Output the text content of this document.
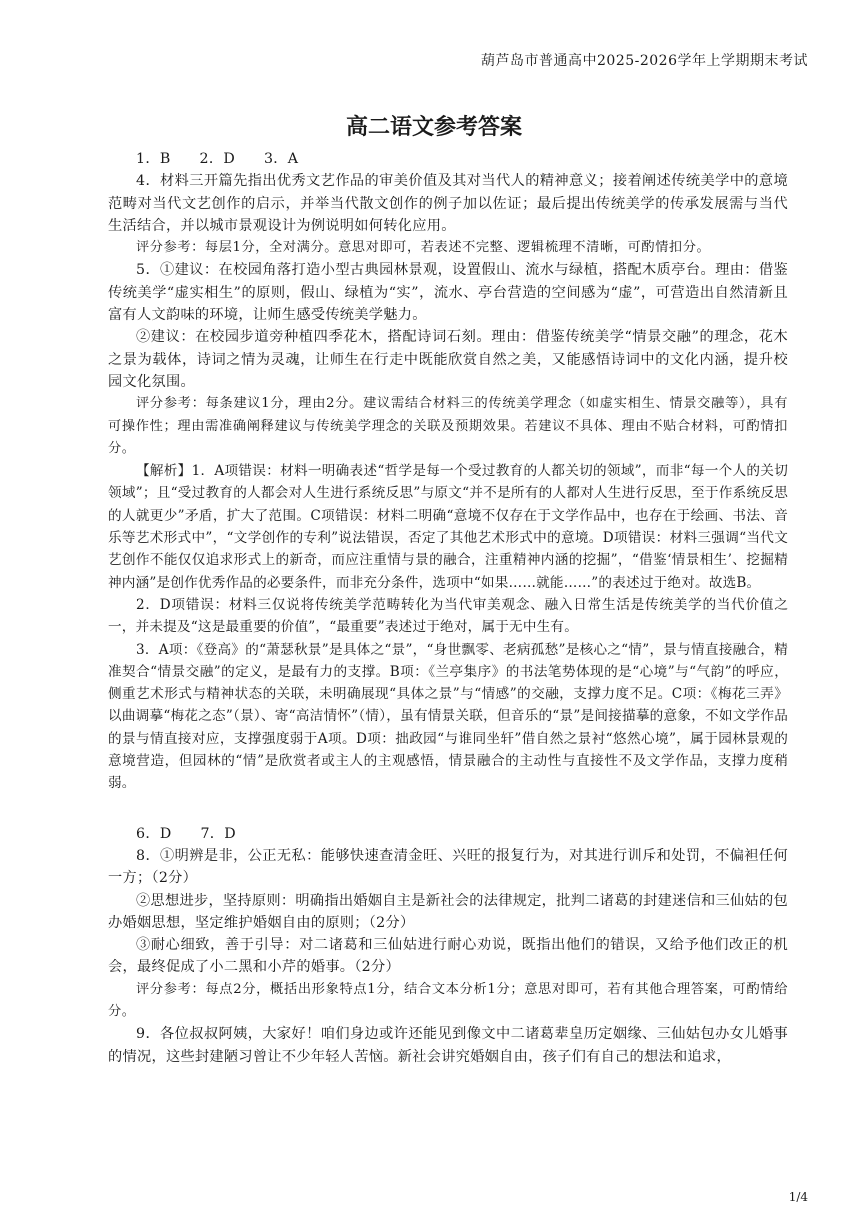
葫芦岛市普通高中2025-2026学年上学期期末考试
高二语文参考答案

1．B　　2．D　　3．A

4．材料三开篇先指出优秀文艺作品的审美价值及其对当代人的精神意义；接着阐述传统美学中的意境范畴对当代文艺创作的启示，并举当代散文创作的例子加以佐证；最后提出传统美学的传承发展需与当代生活结合，并以城市景观设计为例说明如何转化应用。

评分参考：每层1分，全对满分。意思对即可，若表述不完整、逻辑梳理不清晰，可酌情扣分。

5．①建议：在校园角落打造小型古典园林景观，设置假山、流水与绿植，搭配木质亭台。理由：借鉴传统美学“虚实相生”的原则，假山、绿植为“实”，流水、亭台营造的空间感为“虚”，可营造出自然清新且富有人文韵味的环境，让师生感受传统美学魅力。

②建议：在校园步道旁种植四季花木，搭配诗词石刻。理由：借鉴传统美学“情景交融”的理念，花木之景为载体，诗词之情为灵魂，让师生在行走中既能欣赏自然之美，又能感悟诗词中的文化内涵，提升校园文化氛围。

评分参考：每条建议1分，理由2分。建议需结合材料三的传统美学理念（如虚实相生、情景交融等），具有可操作性；理由需准确阐释建议与传统美学理念的关联及预期效果。若建议不具体、理由不贴合材料，可酌情扣分。

【解析】1．A项错误：材料一明确表述“哲学是每一个受过教育的人都关切的领域”，而非“每一个人的关切领域”；且“受过教育的人都会对人生进行系统反思”与原文“并不是所有的人都对人生进行反思，至于作系统反思的人就更少”矛盾，扩大了范围。C项错误：材料二明确“意境不仅存在于文学作品中，也存在于绘画、书法、音乐等艺术形式中”，“文学创作的专利”说法错误，否定了其他艺术形式中的意境。D项错误：材料三强调“当代文艺创作不能仅仅追求形式上的新奇，而应注重情与景的融合，注重精神内涵的挖掘”，“借鉴‘情景相生’、挖掘精神内涵”是创作优秀作品的必要条件，而非充分条件，选项中“如果……就能……”的表述过于绝对。故选B。

2．D项错误：材料三仅说将传统美学范畴转化为当代审美观念、融入日常生活是传统美学的当代价值之一，并未提及“这是最重要的价值”，“最重要”表述过于绝对，属于无中生有。

3．A项：《登高》的“萧瑟秋景”是具体之“景”，“身世飘零、老病孤愁”是核心之“情”，景与情直接融合，精准契合“情景交融”的定义，是最有力的支撑。B项：《兰亭集序》的书法笔势体现的是“心境”与“气韵”的呼应，侧重艺术形式与精神状态的关联，未明确展现“具体之景”与“情感”的交融，支撑力度不足。C项：《梅花三弄》以曲调摹“梅花之态”（景）、寄“高洁情怀”（情），虽有情景关联，但音乐的“景”是间接描摹的意象，不如文学作品的景与情直接对应，支撑强度弱于A项。D项：拙政园“与谁同坐轩”借自然之景衬“悠然心境”，属于园林景观的意境营造，但园林的“情”是欣赏者或主人的主观感悟，情景融合的主动性与直接性不及文学作品，支撑力度稍弱。

6．D　　7．D

8．①明辨是非，公正无私：能够快速查清金旺、兴旺的报复行为，对其进行训斥和处罚，不偏袒任何一方；（2分）

②思想进步，坚持原则：明确指出婚姻自主是新社会的法律规定，批判二诸葛的封建迷信和三仙姑的包办婚姻思想，坚定维护婚姻自由的原则；（2分）

③耐心细致，善于引导：对二诸葛和三仙姑进行耐心劝说，既指出他们的错误，又给予他们改正的机会，最终促成了小二黑和小芹的婚事。（2分）

评分参考：每点2分，概括出形象特点1分，结合文本分析1分；意思对即可，若有其他合理答案，可酌情给分。

9．各位叔叔阿姨，大家好！咱们身边或许还能见到像文中二诸葛辈皇历定姻缘、三仙姑包办女儿婚事的情况，这些封建陋习曾让不少年轻人苦恼。新社会讲究婚姻自由，孩子们有自己的想法和追求，

1/4
